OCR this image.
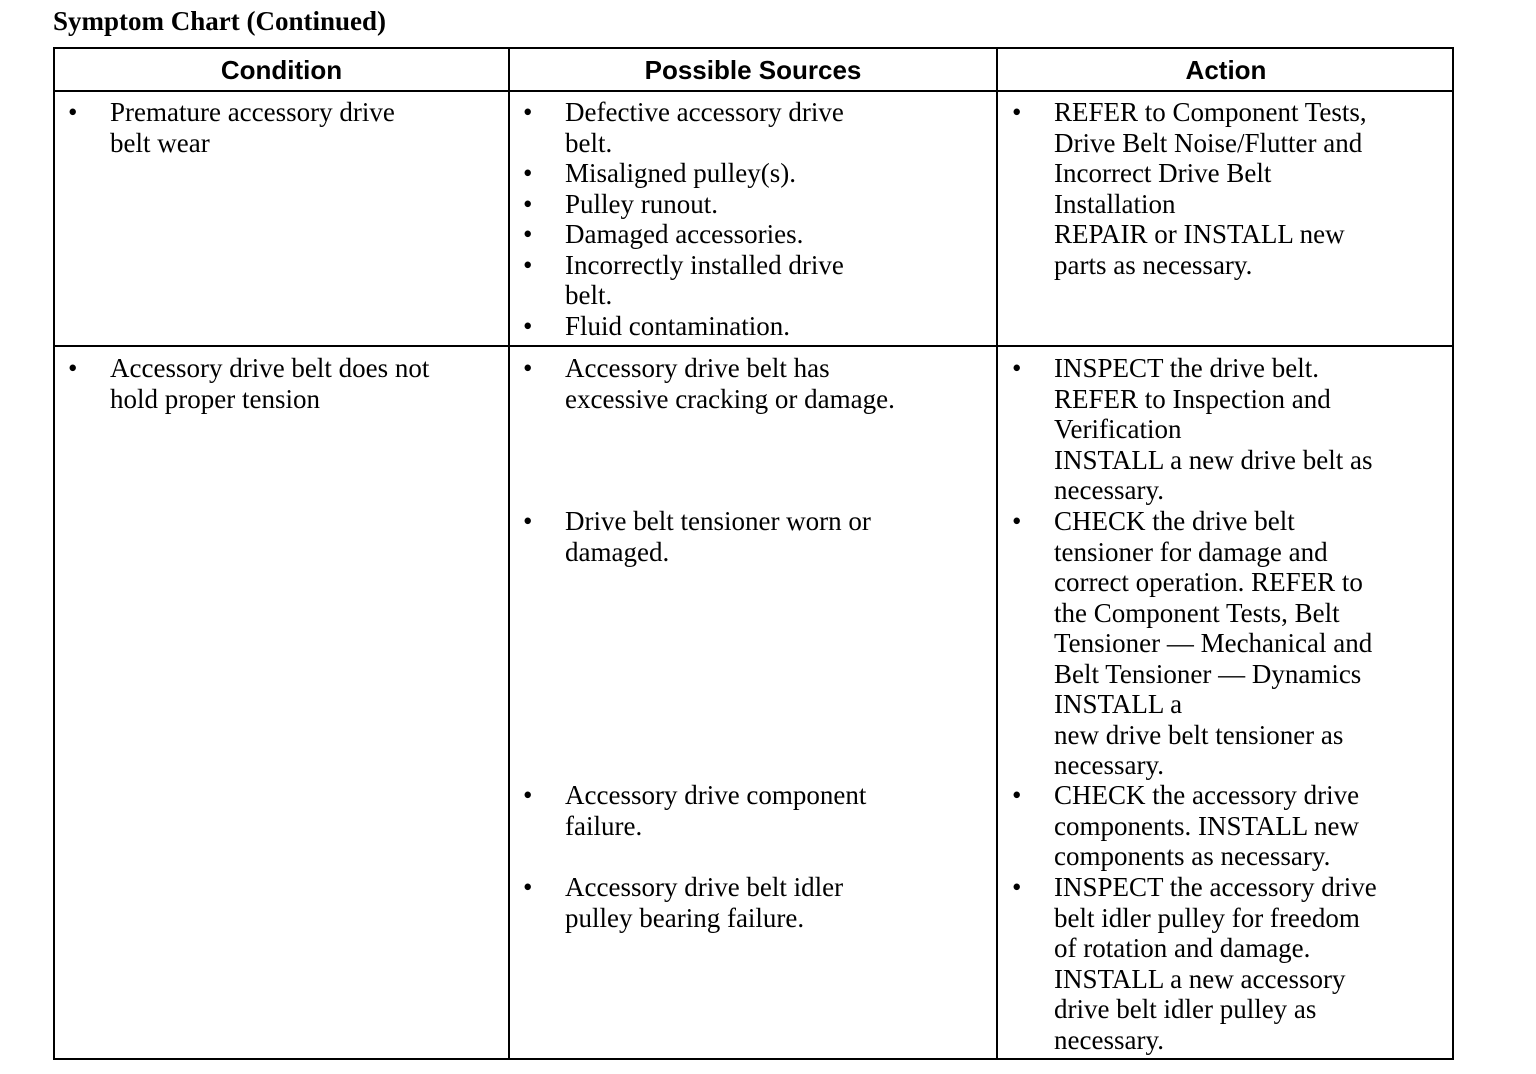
Symptom Chart (Continued)
Condition	Possible Sources	Action
• Premature accessory drive
belt wear
• Defective accessory drive
belt.
• Misaligned pulley(s).
• Pulley runout.
• Damaged accessories.
• Incorrectly installed drive
belt.
• Fluid contamination.
• REFER to Component Tests,
Drive Belt Noise/Flutter and
Incorrect Drive Belt
Installation
REPAIR or INSTALL new
parts as necessary.
• Accessory drive belt does not
hold proper tension
• Accessory drive belt has
excessive cracking or damage.
• Drive belt tensioner worn or
damaged.
• Accessory drive component
failure.
• Accessory drive belt idler
pulley bearing failure.
• INSPECT the drive belt.
REFER to Inspection and
Verification
INSTALL a new drive belt as
necessary.
• CHECK the drive belt
tensioner for damage and
correct operation. REFER to
the Component Tests, Belt
Tensioner — Mechanical and
Belt Tensioner — Dynamics
INSTALL a
new drive belt tensioner as
necessary.
• CHECK the accessory drive
components. INSTALL new
components as necessary.
• INSPECT the accessory drive
belt idler pulley for freedom
of rotation and damage.
INSTALL a new accessory
drive belt idler pulley as
necessary.
